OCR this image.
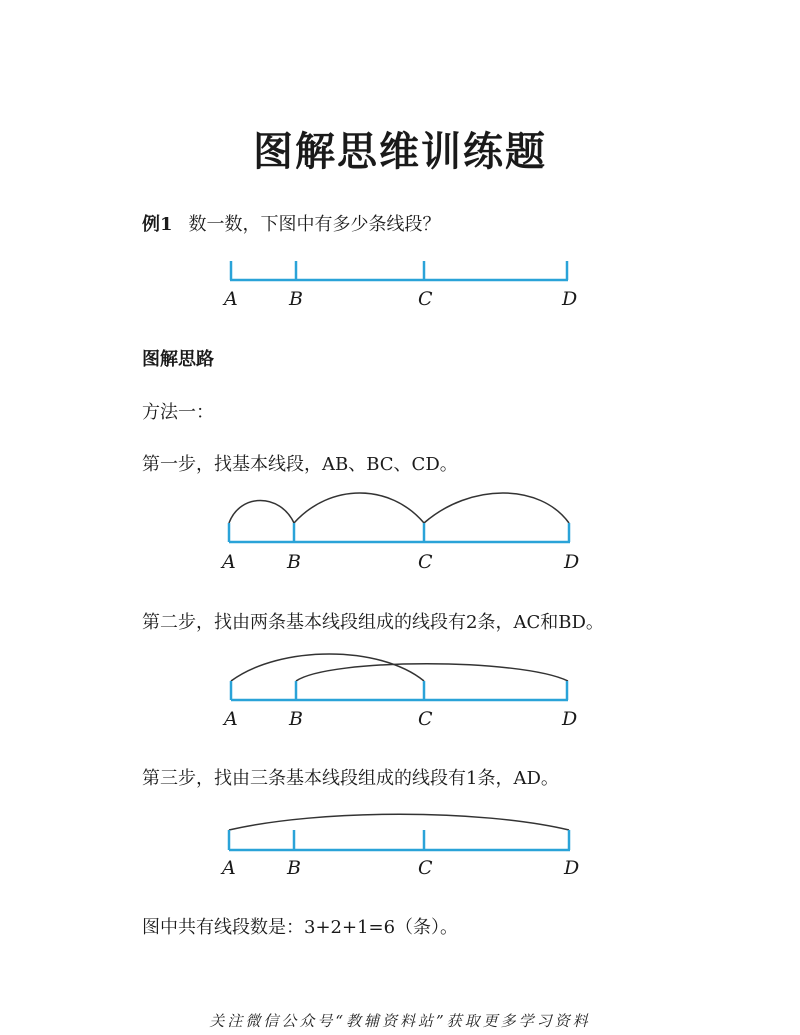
图解思维训练题
例1 数一数，下图中有多少条线段？
A	B	C	D
图解思路
方法一：
第一步，找基本线段，AB、BC、CD。
A	B	C	D
第二步，找由两条基本线段组成的线段有2条，AC和BD。
A	B	C	D
第三步，找由三条基本线段组成的线段有1条，AD。
A	B	C	D
图中共有线段数是：3+2+1=6（条）。
关注微信公众号“教辅资料站”获取更多学习资料
